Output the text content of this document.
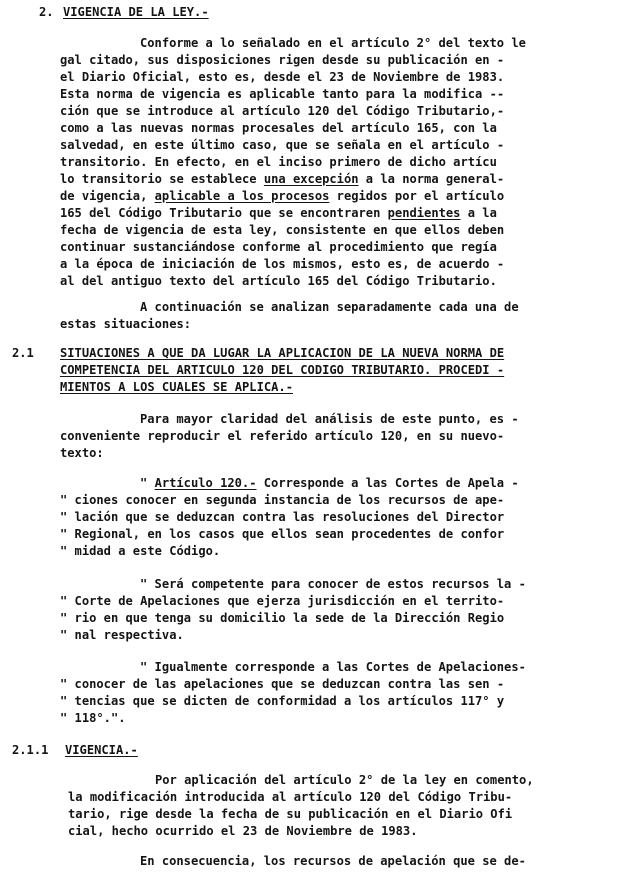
2. VIGENCIA DE LA LEY.-
Conforme a lo señalado en el artículo 2° del texto le
gal citado, sus disposiciones rigen desde su publicación en -
el Diario Oficial, esto es, desde el 23 de Noviembre de 1983.
Esta norma de vigencia es aplicable tanto para la modifica --
ción que se introduce al artículo 120 del Código Tributario,-
como a las nuevas normas procesales del artículo 165, con la
salvedad, en este último caso, que se señala en el artículo -
transitorio. En efecto, en el inciso primero de dicho artícu
lo transitorio se establece una excepción a la norma general-
de vigencia, aplicable a los procesos regidos por el artículo
165 del Código Tributario que se encontraren pendientes a la
fecha de vigencia de esta ley, consistente en que ellos deben
continuar sustanciándose conforme al procedimiento que regía
a la época de iniciación de los mismos, esto es, de acuerdo -
al del antiguo texto del artículo 165 del Código Tributario.
A continuación se analizan separadamente cada una de
estas situaciones:
2.1 SITUACIONES A QUE DA LUGAR LA APLICACION DE LA NUEVA NORMA DE
COMPETENCIA DEL ARTICULO 120 DEL CODIGO TRIBUTARIO. PROCEDI -
MIENTOS A LOS CUALES SE APLICA.-
Para mayor claridad del análisis de este punto, es -
conveniente reproducir el referido artículo 120, en su nuevo-
texto:
" Artículo 120.- Corresponde a las Cortes de Apela -
" ciones conocer en segunda instancia de los recursos de ape-
" lación que se deduzcan contra las resoluciones del Director
" Regional, en los casos que ellos sean procedentes de confor
" midad a este Código.
" Será competente para conocer de estos recursos la -
" Corte de Apelaciones que ejerza jurisdicción en el territo-
" rio en que tenga su domicilio la sede de la Dirección Regio
" nal respectiva.
" Igualmente corresponde a las Cortes de Apelaciones-
" conocer de las apelaciones que se deduzcan contra las sen -
" tencias que se dicten de conformidad a los artículos 117° y
" 118°.".
2.1.1 VIGENCIA.-
Por aplicación del artículo 2° de la ley en comento,
la modificación introducida al artículo 120 del Código Tribu-
tario, rige desde la fecha de su publicación en el Diario Ofi
cial, hecho ocurrido el 23 de Noviembre de 1983.
En consecuencia, los recursos de apelación que se de-
